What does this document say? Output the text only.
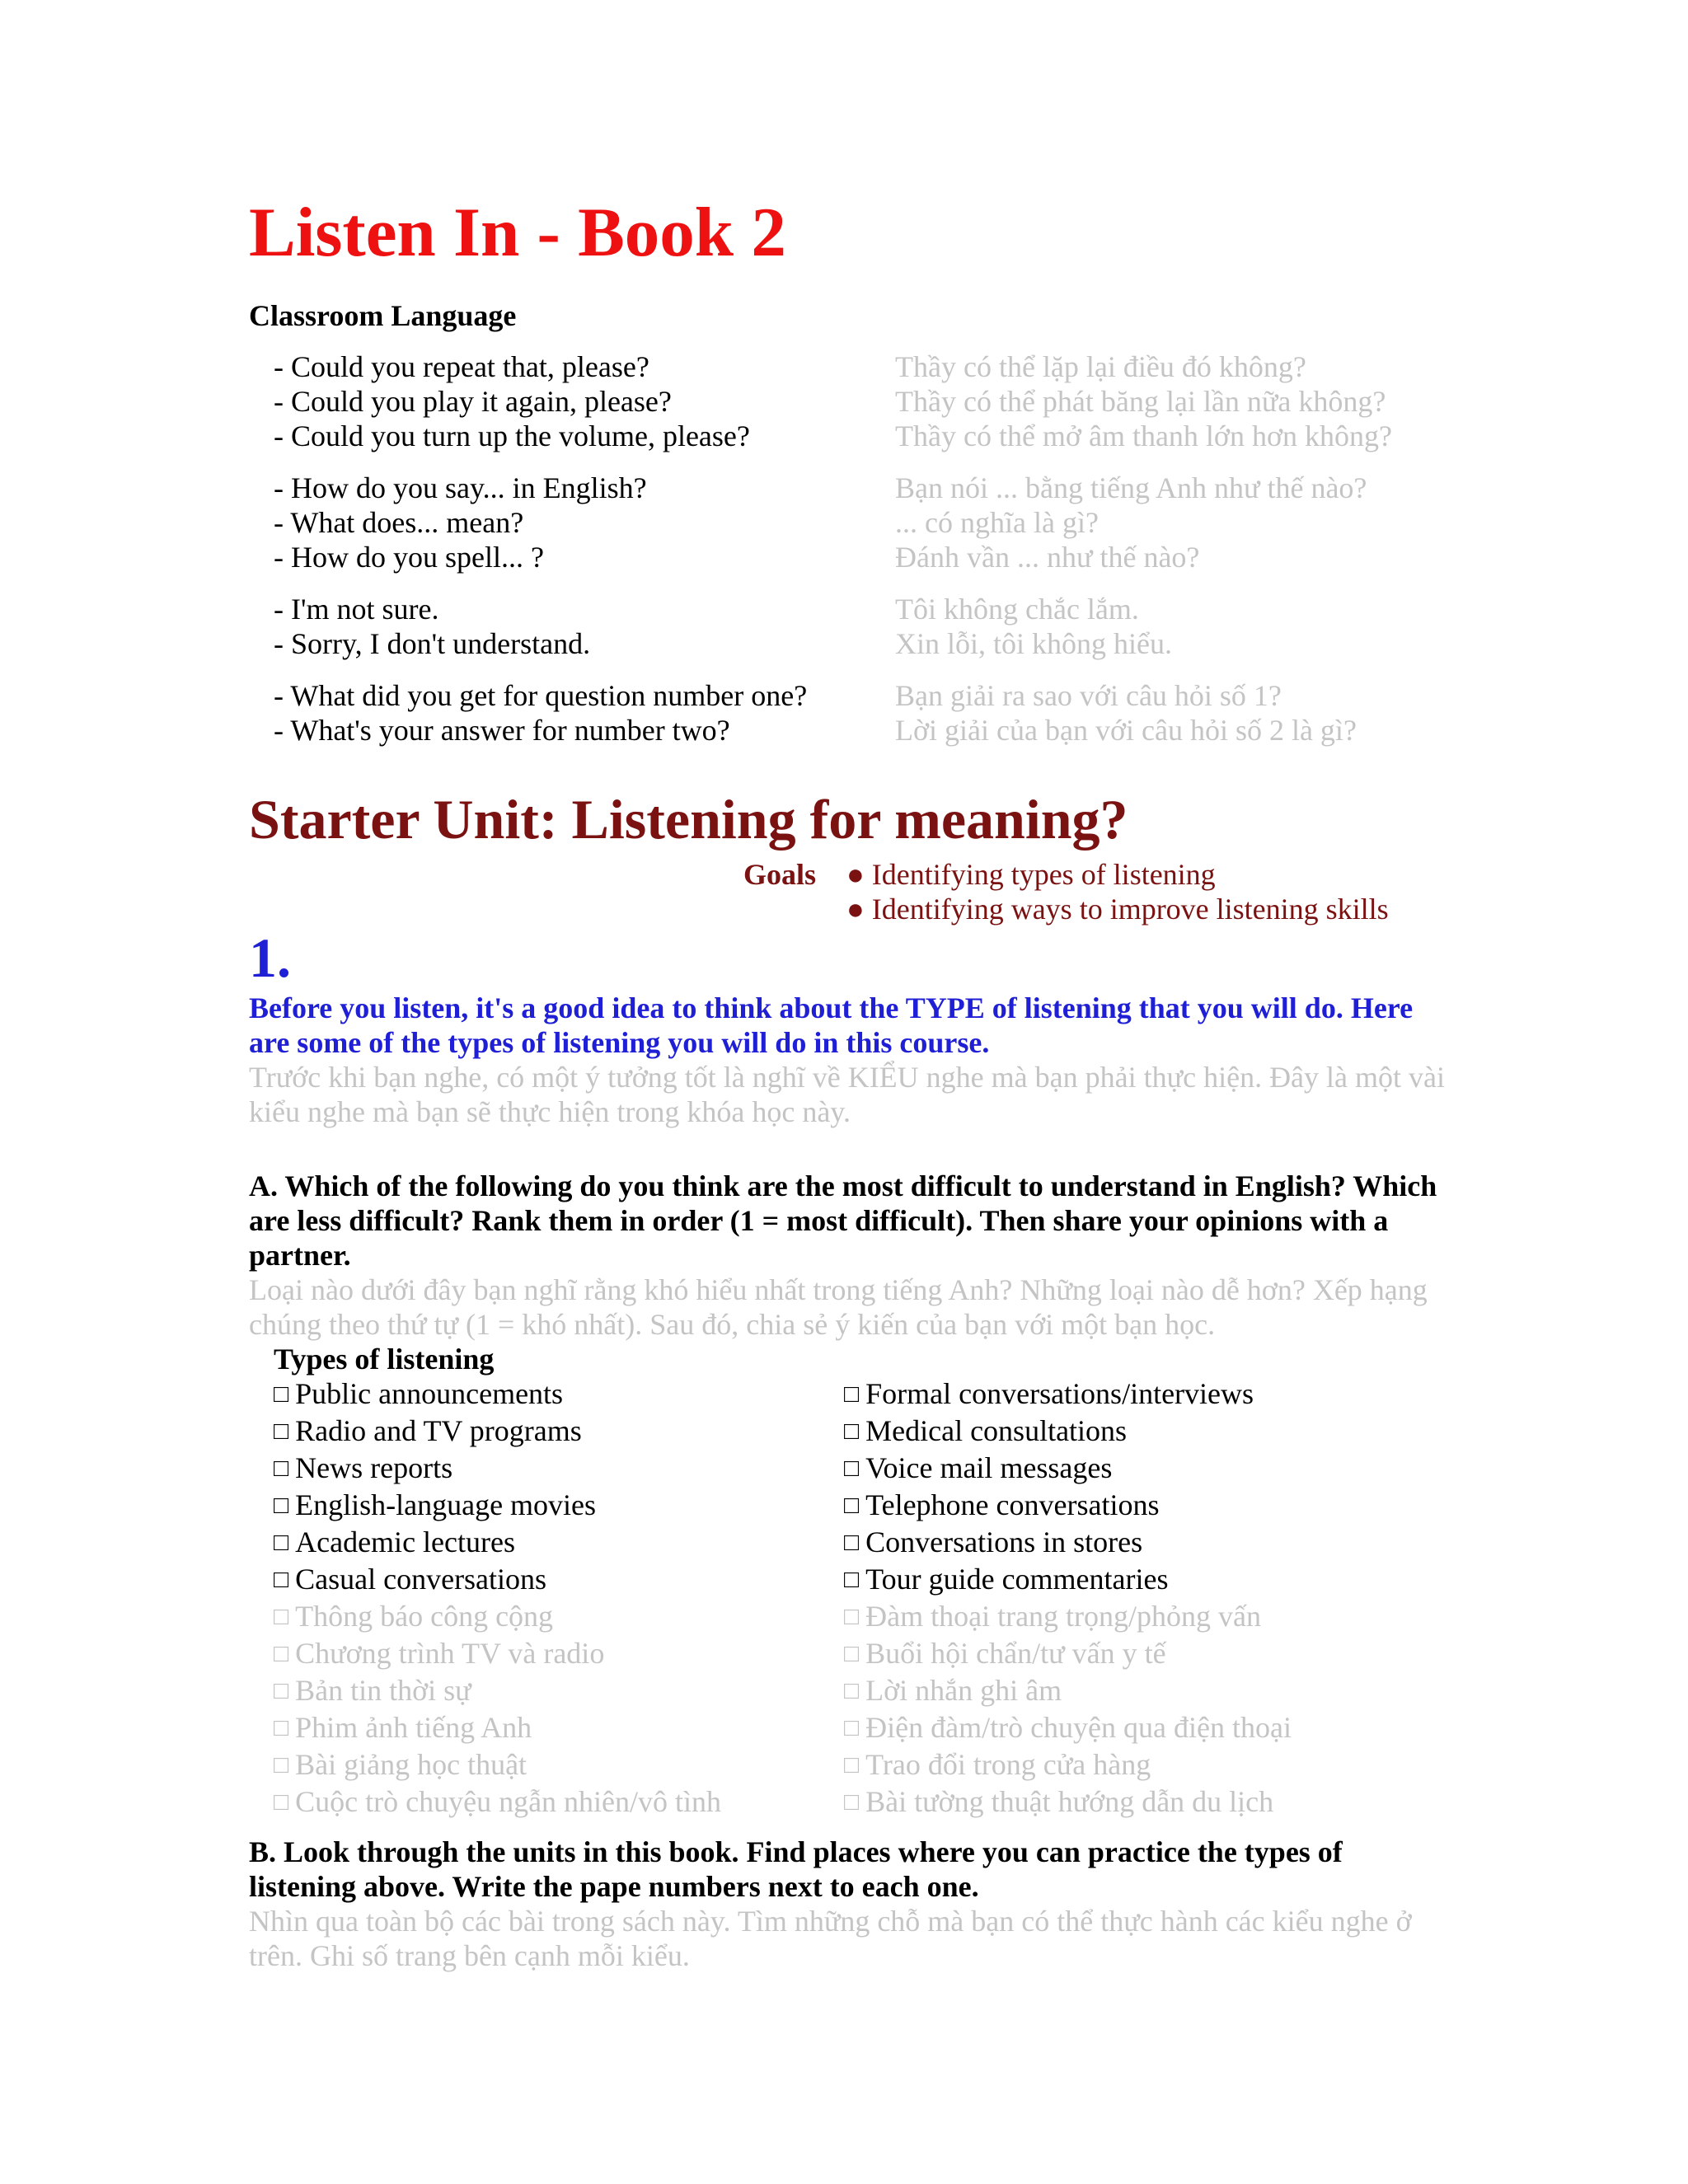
Listen In - Book 2
Classroom Language
- Could you repeat that, please?	Thầy có thể lặp lại điều đó không?
- Could you play it again, please?	Thầy có thể phát băng lại lần nữa không?
- Could you turn up the volume, please?	Thầy có thể mở âm thanh lớn hơn không?
- How do you say... in English?	Bạn nói ... bằng tiếng Anh như thế nào?
- What does... mean?	... có nghĩa là gì?
- How do you spell... ?	Đánh vần ... như thế nào?
- I'm not sure.	Tôi không chắc lắm.
- Sorry, I don't understand.	Xin lỗi, tôi không hiểu.
- What did you get for question number one?	Bạn giải ra sao với câu hỏi số 1?
- What's your answer for number two?	Lời giải của bạn với câu hỏi số 2 là gì?
Starter Unit: Listening for meaning?
Goals ● Identifying types of listening
● Identifying ways to improve listening skills
1.
Before you listen, it's a good idea to think about the TYPE of listening that you will do. Here are some of the types of listening you will do in this course.
Trước khi bạn nghe, có một ý tưởng tốt là nghĩ về KIỂU nghe mà bạn phải thực hiện. Đây là một vài kiểu nghe mà bạn sẽ thực hiện trong khóa học này.
A. Which of the following do you think are the most difficult to understand in English? Which are less difficult? Rank them in order (1 = most difficult). Then share your opinions with a partner.
Loại nào dưới đây bạn nghĩ rằng khó hiểu nhất trong tiếng Anh? Những loại nào dễ hơn? Xếp hạng chúng theo thứ tự (1 = khó nhất). Sau đó, chia sẻ ý kiến của bạn với một bạn học.
Types of listening
□ Public announcements
□ Radio and TV programs
□ News reports
□ English-language movies
□ Academic lectures
□ Casual conversations
□ Thông báo công cộng
□ Chương trình TV và radio
□ Bản tin thời sự
□ Phim ảnh tiếng Anh
□ Bài giảng học thuật
□ Cuộc trò chuyệu ngẫn nhiên/vô tình
□ Formal conversations/interviews
□ Medical consultations
□ Voice mail messages
□ Telephone conversations
□ Conversations in stores
□ Tour guide commentaries
□ Đàm thoại trang trọng/phỏng vấn
□ Buổi hội chẩn/tư vấn y tế
□ Lời nhắn ghi âm
□ Điện đàm/trò chuyện qua điện thoại
□ Trao đổi trong cửa hàng
□ Bài tường thuật hướng dẫn du lịch
B. Look through the units in this book. Find places where you can practice the types of listening above. Write the pape numbers next to each one.
Nhìn qua toàn bộ các bài trong sách này. Tìm những chỗ mà bạn có thể thực hành các kiểu nghe ở trên. Ghi số trang bên cạnh mỗi kiểu.
